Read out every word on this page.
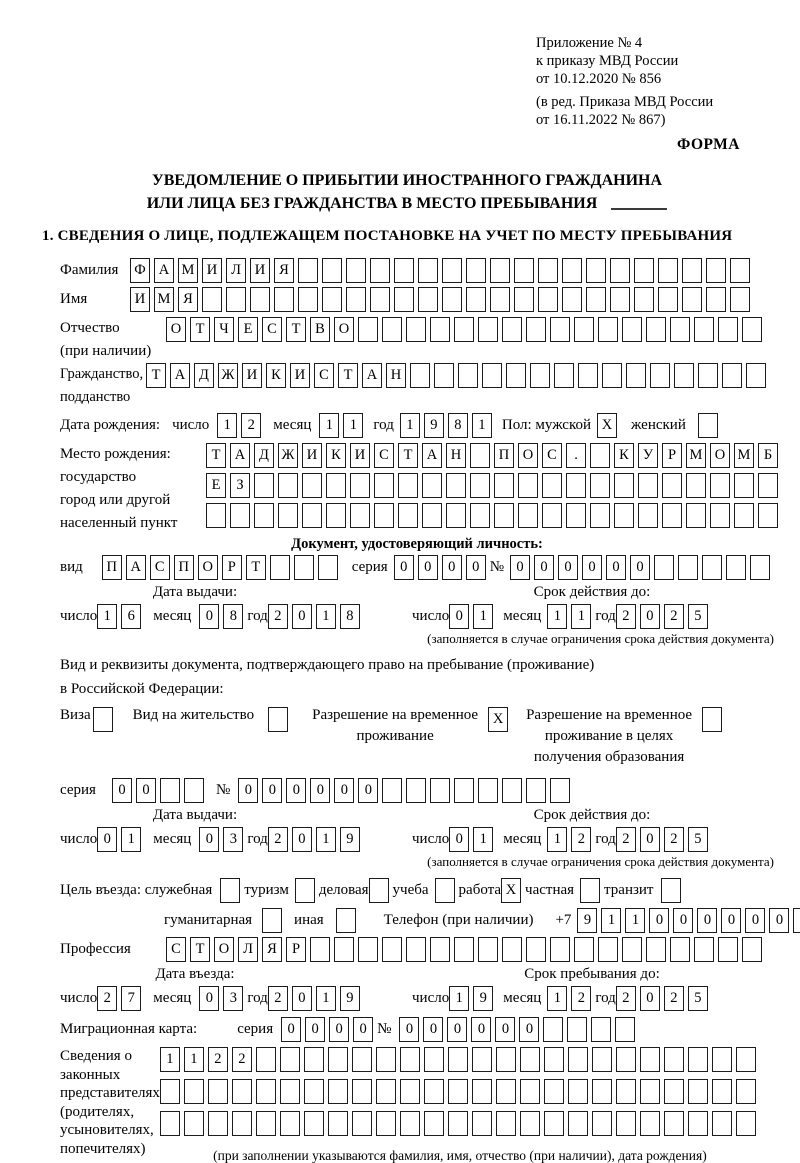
Приложение № 4
к приказу МВД России
от 10.12.2020 № 856
(в ред. Приказа МВД России
от 16.11.2022 № 867)
ФОРМА
УВЕДОМЛЕНИЕ О ПРИБЫТИИ ИНОСТРАННОГО ГРАЖДАНИНА
ИЛИ ЛИЦА БЕЗ ГРАЖДАНСТВА В МЕСТО ПРЕБЫВАНИЯ
1. СВЕДЕНИЯ О ЛИЦЕ, ПОДЛЕЖАЩЕМ ПОСТАНОВКЕ НА УЧЕТ ПО МЕСТУ ПРЕБЫВАНИЯ
Фамилия	Ф А М И Л И Я
Имя	И М Я
Отчество
(при наличии)
О Т	Ч	Е	С	Т	В О
Гражданство,
подданство
Т А Д Ж И К И С	Т А Н
Дата рождения: число 1	2	месяц 1	1	год 1	9	8	1	Пол: мужской X	женский
Место рождения:
государство
город или другой
населенный пункт
Т А Д Ж И К И С	Т А Н	П О С	.	К У	Р М О М Б
Е	З
Документ, удостоверяющий личность:
вид	П А С П О	Р	Т	серия 0	0	0	0 № 0	0	0	0	0	0
Дата выдачи:
число 1	6	месяц 0	8 год 2	0	1	8
Срок действия до:
число 0	1	месяц 1	1 год 2	0	2	5
(заполняется в случае ограничения срока действия документа)
Вид и реквизиты документа, подтверждающего право на пребывание (проживание)
в Российской Федерации:
Виза	Вид на жительство	Разрешение на временное
проживание
X	Разрешение на временное
проживание в целях
получения образования
серия	0	0	№ 0	0	0	0	0	0
Дата выдачи:
число 0	1	месяц 0	3 год 2	0	1	9
Срок действия до:
число 0	1	месяц 1	2 год 2	0	2	5
(заполняется в случае ограничения срока действия документа)
Цель въезда: служебная туризм деловая учеба работа X частная транзит
гуманитарная	иная	Телефон (при наличии) +7 9	1	1	0	0	0	0	0	0
Профессия	С	Т О Л Я	Р
Дата въезда:
число 2	7	месяц 0	3 год 2	0	1	9
Срок пребывания до:
число 1	9	месяц 1	2 год 2	0	2	5
Миграционная карта:	серия 0	0	0	0 № 0	0	0	0	0	0
Сведения о
законных
представителях
(родителях,
усыновителях,
попечителях)
1	1	2	2
(при заполнении указываются фамилия, имя, отчество (при наличии), дата рождения)
